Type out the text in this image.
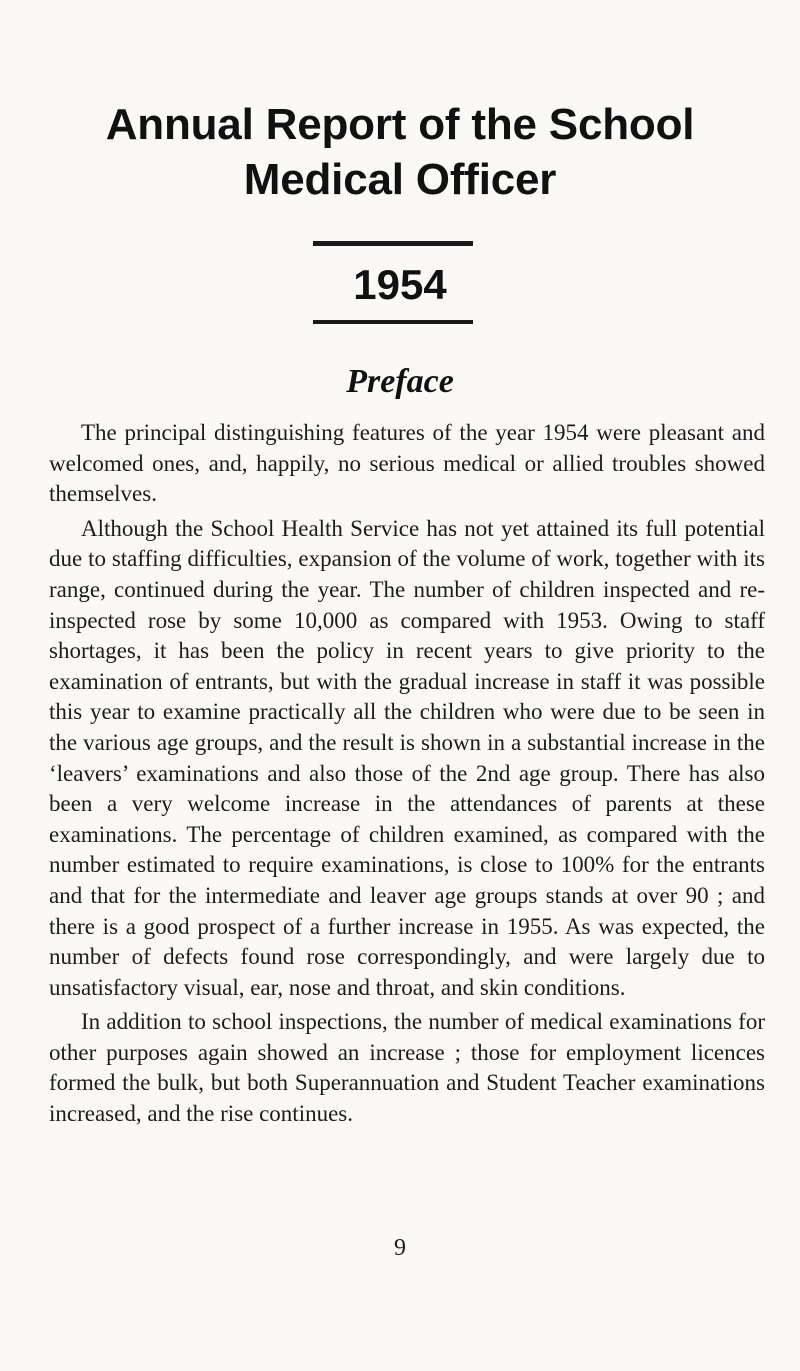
Annual Report of the School
Medical Officer
1954
Preface

The principal distinguishing features of the year 1954 were pleasant and welcomed ones, and, happily, no serious medical or allied troubles showed themselves.

Although the School Health Service has not yet attained its full potential due to staffing difficulties, expansion of the volume of work, together with its range, continued during the year. The number of children inspected and re-inspected rose by some 10,000 as compared with 1953. Owing to staff shortages, it has been the policy in recent years to give priority to the examination of entrants, but with the gradual increase in staff it was possible this year to examine practically all the children who were due to be seen in the various age groups, and the result is shown in a substantial increase in the ‘leavers’ examinations and also those of the 2nd age group. There has also been a very welcome increase in the attendances of parents at these examinations. The percentage of children examined, as compared with the number estimated to require examinations, is close to 100% for the entrants and that for the intermediate and leaver age groups stands at over 90 ; and there is a good prospect of a further increase in 1955. As was expected, the number of defects found rose correspondingly, and were largely due to unsatisfactory visual, ear, nose and throat, and skin conditions.

In addition to school inspections, the number of medical examinations for other purposes again showed an increase ; those for employment licences formed the bulk, but both Superannuation and Student Teacher examinations increased, and the rise continues.

9
